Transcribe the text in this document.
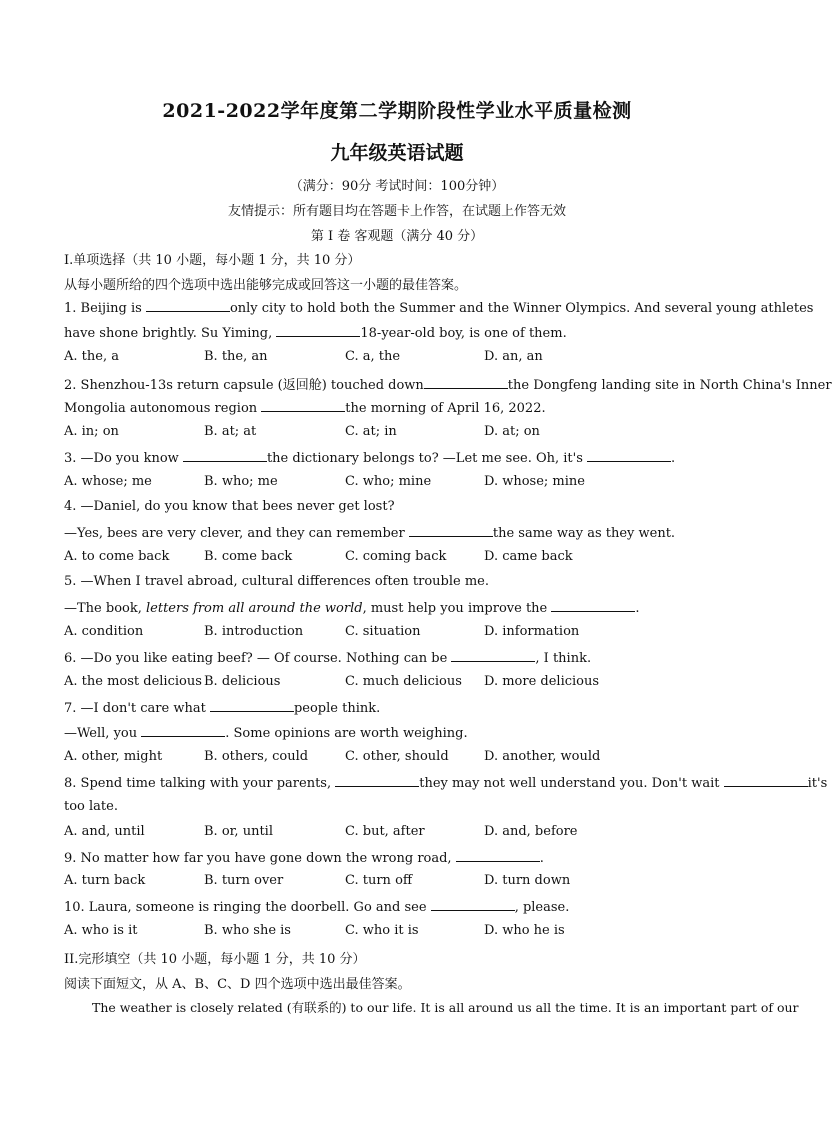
2021-2022学年度第二学期阶段性学业水平质量检测
九年级英语试题
（满分：90分 考试时间：100分钟）
友情提示：所有题目均在答题卡上作答，在试题上作答无效
第 I 卷 客观题（满分 40 分）
I.单项选择（共 10 小题，每小题 1 分，共 10 分）
从每小题所给的四个选项中选出能够完成或回答这一小题的最佳答案。
1. Beijing is	only city to hold both the Summer and the Winner Olympics. And several young athletes
have shone brightly. Su Yiming,	18-year-old boy, is one of them.
A. the, a	B. the, an	C. a, the	D. an, an
2. Shenzhou-13s return capsule (返回舱) touched down	the Dongfeng landing site in North China's Inner
Mongolia autonomous region	the morning of April 16, 2022.
A. in; on	B. at; at	C. at; in	D. at; on
3. —Do you know	the dictionary belongs to? —Let me see. Oh, it's	.
A. whose; me	B. who; me	C. who; mine	D. whose; mine
4. —Daniel, do you know that bees never get lost?
—Yes, bees are very clever, and they can remember	the same way as they went.
A. to come back	B. come back	C. coming back	D. came back
5. —When I travel abroad, cultural differences often trouble me.
—The book, letters from all around the world, must help you improve the	.
A. condition	B. introduction	C. situation	D. information
6. —Do you like eating beef? — Of course. Nothing can be	, I think.
A. the most delicious B. delicious	C. much delicious D. more delicious
7. —I don't care what	people think.
—Well, you	. Some opinions are worth weighing.
A. other, might	B. others, could	C. other, should	D. another, would
8. Spend time talking with your parents,	they may not well understand you. Don't wait	it's
too late.
A. and, until	B. or, until	C. but, after	D. and, before
9. No matter how far you have gone down the wrong road,	.
A. turn back	B. turn over	C. turn off	D. turn down
10. Laura, someone is ringing the doorbell. Go and see	, please.
A. who is it	B. who she is	C. who it is	D. who he is
II.完形填空（共 10 小题，每小题 1 分，共 10 分）
阅读下面短文，从 A、B、C、D 四个选项中选出最佳答案。
The weather is closely related (有联系的) to our life. It is all around us all the time. It is an important part of our
